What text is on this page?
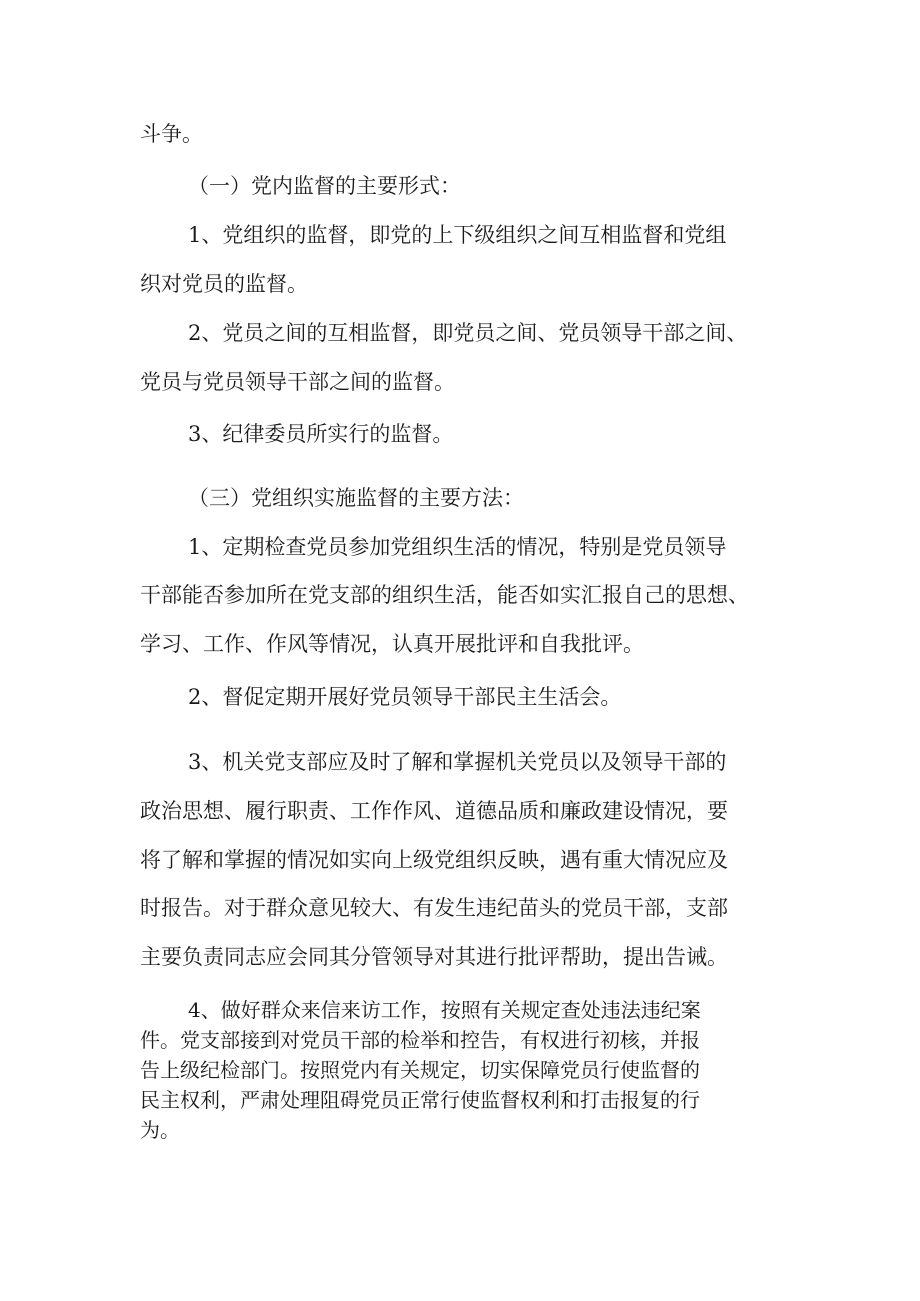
斗争。
（一）党内监督的主要形式：
1、党组织的监督，即党的上下级组织之间互相监督和党组
织对党员的监督。
2、党员之间的互相监督，即党员之间、党员领导干部之间、
党员与党员领导干部之间的监督。
3、纪律委员所实行的监督。
（三）党组织实施监督的主要方法：
1、定期检查党员参加党组织生活的情况，特别是党员领导
干部能否参加所在党支部的组织生活，能否如实汇报自己的思想、
学习、工作、作风等情况，认真开展批评和自我批评。
2、督促定期开展好党员领导干部民主生活会。
3、机关党支部应及时了解和掌握机关党员以及领导干部的
政治思想、履行职责、工作作风、道德品质和廉政建设情况，要
将了解和掌握的情况如实向上级党组织反映，遇有重大情况应及
时报告。对于群众意见较大、有发生违纪苗头的党员干部，支部
主要负责同志应会同其分管领导对其进行批评帮助，提出告诫。
4、做好群众来信来访工作，按照有关规定查处违法违纪案
件。党支部接到对党员干部的检举和控告，有权进行初核，并报
告上级纪检部门。按照党内有关规定，切实保障党员行使监督的
民主权利，严肃处理阻碍党员正常行使监督权利和打击报复的行
为。
